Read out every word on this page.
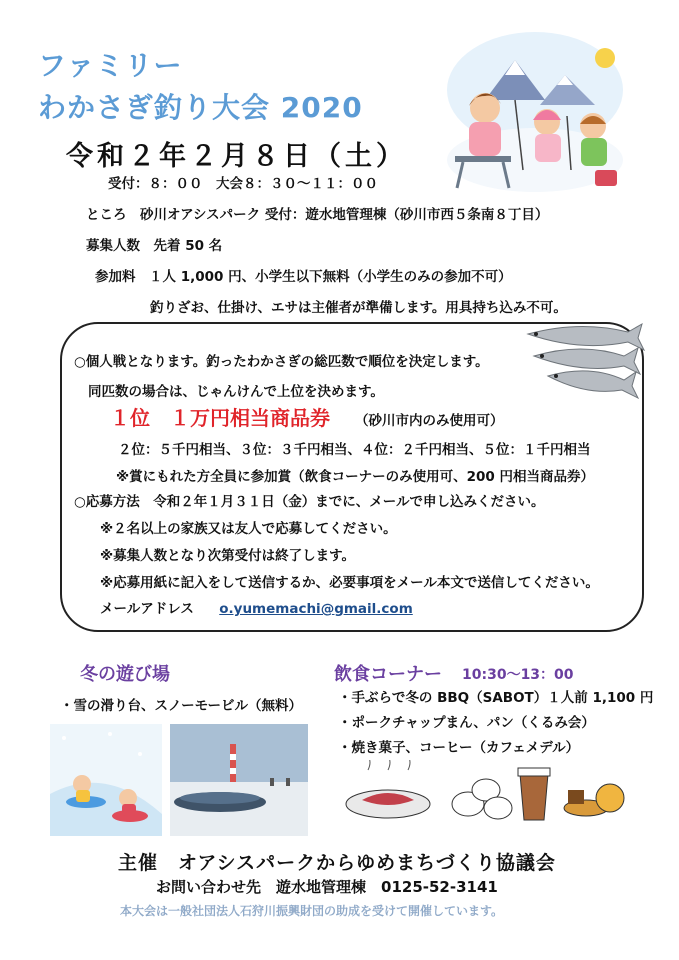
ファミリー
わかさぎ釣り大会 2020
令和２年２月８日（土）
受付：８：００　大会８：３０～１１：００
ところ　砂川オアシスパーク 受付：遊水地管理棟（砂川市西５条南８丁目）
募集人数　先着 50 名
参加料　１人 1,000 円、小学生以下無料（小学生のみの参加不可）
釣りざお、仕掛け、エサは主催者が準備します。用具持ち込み不可。
○個人戦となります。釣ったわかさぎの総匹数で順位を決定します。
同匹数の場合は、じゃんけんで上位を決めます。
１位　１万円相当商品券 （砂川市内のみ使用可）
２位：５千円相当、３位：３千円相当、４位：２千円相当、５位：１千円相当
※賞にもれた方全員に参加賞（飲食コーナーのみ使用可、200 円相当商品券）
○応募方法　令和２年１月３１日（金）までに、メールで申し込みください。
※２名以上の家族又は友人で応募してください。
※募集人数となり次第受付は終了します。
※応募用紙に記入をして送信するか、必要事項をメール本文で送信してください。
メールアドレス o.yumemachi@gmail.com
冬の遊び場
・雪の滑り台、スノーモービル（無料）
飲食コーナー 10:30～13：00
・手ぶらで冬の BBQ（SABOT）１人前 1,100 円
・ポークチャップまん、パン（くるみ会）
・焼き菓子、コーヒー（カフェメデル）
主催　オアシスパークからゆめまちづくり協議会
お問い合わせ先　遊水地管理棟　0125-52-3141
本大会は一般社団法人石狩川振興財団の助成を受けて開催しています。
